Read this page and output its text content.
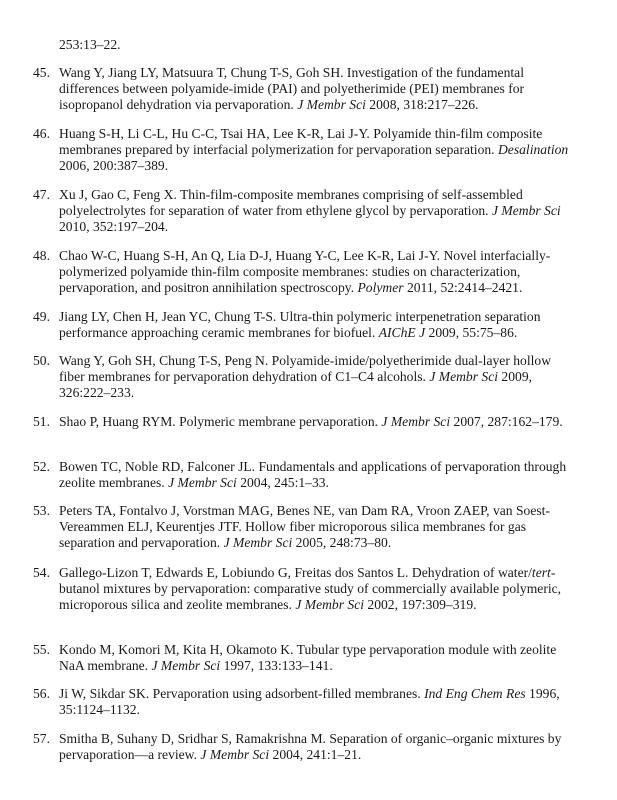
253:13–22.

45. Wang Y, Jiang LY, Matsuura T, Chung T-S, Goh SH. Investigation of the fundamental differences between polyamide-imide (PAI) and polyetherimide (PEI) membranes for isopropanol dehydration via pervaporation. J Membr Sci 2008, 318:217–226.
46. Huang S-H, Li C-L, Hu C-C, Tsai HA, Lee K-R, Lai J-Y. Polyamide thin-film composite membranes prepared by interfacial polymerization for pervaporation separation. Desalination 2006, 200:387–389.
47. Xu J, Gao C, Feng X. Thin-film-composite membranes comprising of self-assembled polyelectrolytes for separation of water from ethylene glycol by pervaporation. J Membr Sci 2010, 352:197–204.
48. Chao W-C, Huang S-H, An Q, Lia D-J, Huang Y-C, Lee K-R, Lai J-Y. Novel interfacially-polymerized polyamide thin-film composite membranes: studies on characterization, pervaporation, and positron annihilation spectroscopy. Polymer 2011, 52:2414–2421.
49. Jiang LY, Chen H, Jean YC, Chung T-S. Ultra-thin polymeric interpenetration separation performance approaching ceramic membranes for biofuel. AIChE J 2009, 55:75–86.
50. Wang Y, Goh SH, Chung T-S, Peng N. Polyamide-imide/polyetherimide dual-layer hollow fiber membranes for pervaporation dehydration of C1–C4 alcohols. J Membr Sci 2009, 326:222–233.
51. Shao P, Huang RYM. Polymeric membrane pervaporation. J Membr Sci 2007, 287:162–179.
52. Bowen TC, Noble RD, Falconer JL. Fundamentals and applications of pervaporation through zeolite membranes. J Membr Sci 2004, 245:1–33.
53. Peters TA, Fontalvo J, Vorstman MAG, Benes NE, van Dam RA, Vroon ZAEP, van Soest-Vereammen ELJ, Keurentjes JTF. Hollow fiber microporous silica membranes for gas separation and pervaporation. J Membr Sci 2005, 248:73–80.
54. Gallego-Lizon T, Edwards E, Lobiundo G, Freitas dos Santos L. Dehydration of water/tert-butanol mixtures by pervaporation: comparative study of commercially available polymeric, microporous silica and zeolite membranes. J Membr Sci 2002, 197:309–319.
55. Kondo M, Komori M, Kita H, Okamoto K. Tubular type pervaporation module with zeolite NaA membrane. J Membr Sci 1997, 133:133–141.
56. Ji W, Sikdar SK. Pervaporation using adsorbent-filled membranes. Ind Eng Chem Res 1996, 35:1124–1132.
57. Smitha B, Suhany D, Sridhar S, Ramakrishna M. Separation of organic–organic mixtures by pervaporation—a review. J Membr Sci 2004, 241:1–21.
